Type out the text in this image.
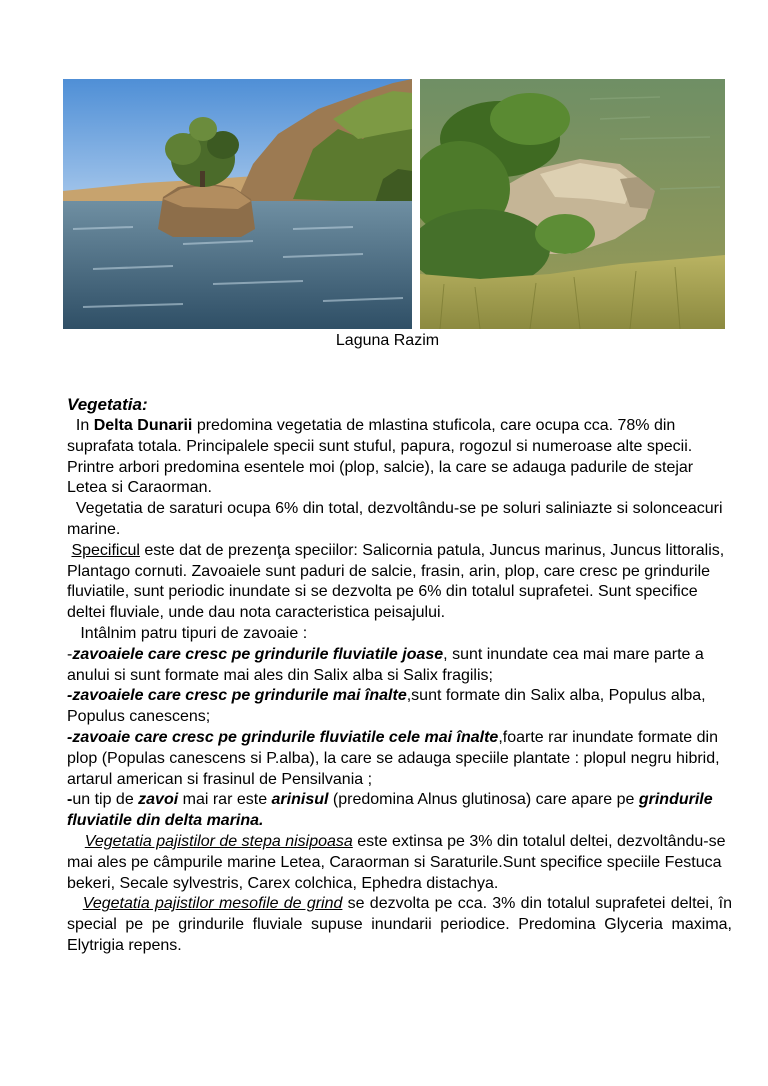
Laguna Razim
Vegetatia:

In Delta Dunarii predomina vegetatia de mlastina stuficola, care ocupa cca. 78% din suprafata totala. Principalele specii sunt stuful, papura, rogozul si numeroase alte specii. Printre arbori predomina esentele moi (plop, salcie), la care se adauga padurile de stejar Letea si Caraorman.

Vegetatia de saraturi ocupa 6% din total, dezvoltându-se pe soluri saliniazte si solonceacuri marine.

Specificul este dat de prezenţa speciilor: Salicornia patula, Juncus marinus, Juncus littoralis, Plantago cornuti. Zavoaiele sunt paduri de salcie, frasin, arin, plop, care cresc pe grindurile fluviatile, sunt periodic inundate si se dezvolta pe 6% din totalul suprafetei. Sunt specifice deltei fluviale, unde dau nota caracteristica peisajului.

Intâlnim patru tipuri de zavoaie :

-zavoaiele care cresc pe grindurile fluviatile joase, sunt inundate cea mai mare parte a anului si sunt formate mai ales din Salix alba si Salix fragilis;

-zavoaiele care cresc pe grindurile mai înalte,sunt formate din Salix alba, Populus alba, Populus canescens;

-zavoaie care cresc pe grindurile fluviatile cele mai înalte,foarte rar inundate formate din plop (Populas canescens si P.alba), la care se adauga speciile plantate : plopul negru hibrid, artarul american si frasinul de Pensilvania ;

-un tip de zavoi mai rar este arinisul (predomina Alnus glutinosa) care apare pe grindurile fluviatile din delta marina.

Vegetatia pajistilor de stepa nisipoasa este extinsa pe 3% din totalul deltei, dezvoltându-se mai ales pe câmpurile marine Letea, Caraorman si Saraturile.Sunt specifice speciile Festuca bekeri, Secale sylvestris, Carex colchica, Ephedra distachya.

Vegetatia pajistilor mesofile de grind se dezvolta pe cca. 3% din totalul suprafetei deltei, în special pe pe grindurile fluviale supuse inundarii periodice. Predomina Glyceria maxima, Elytrigia repens.
